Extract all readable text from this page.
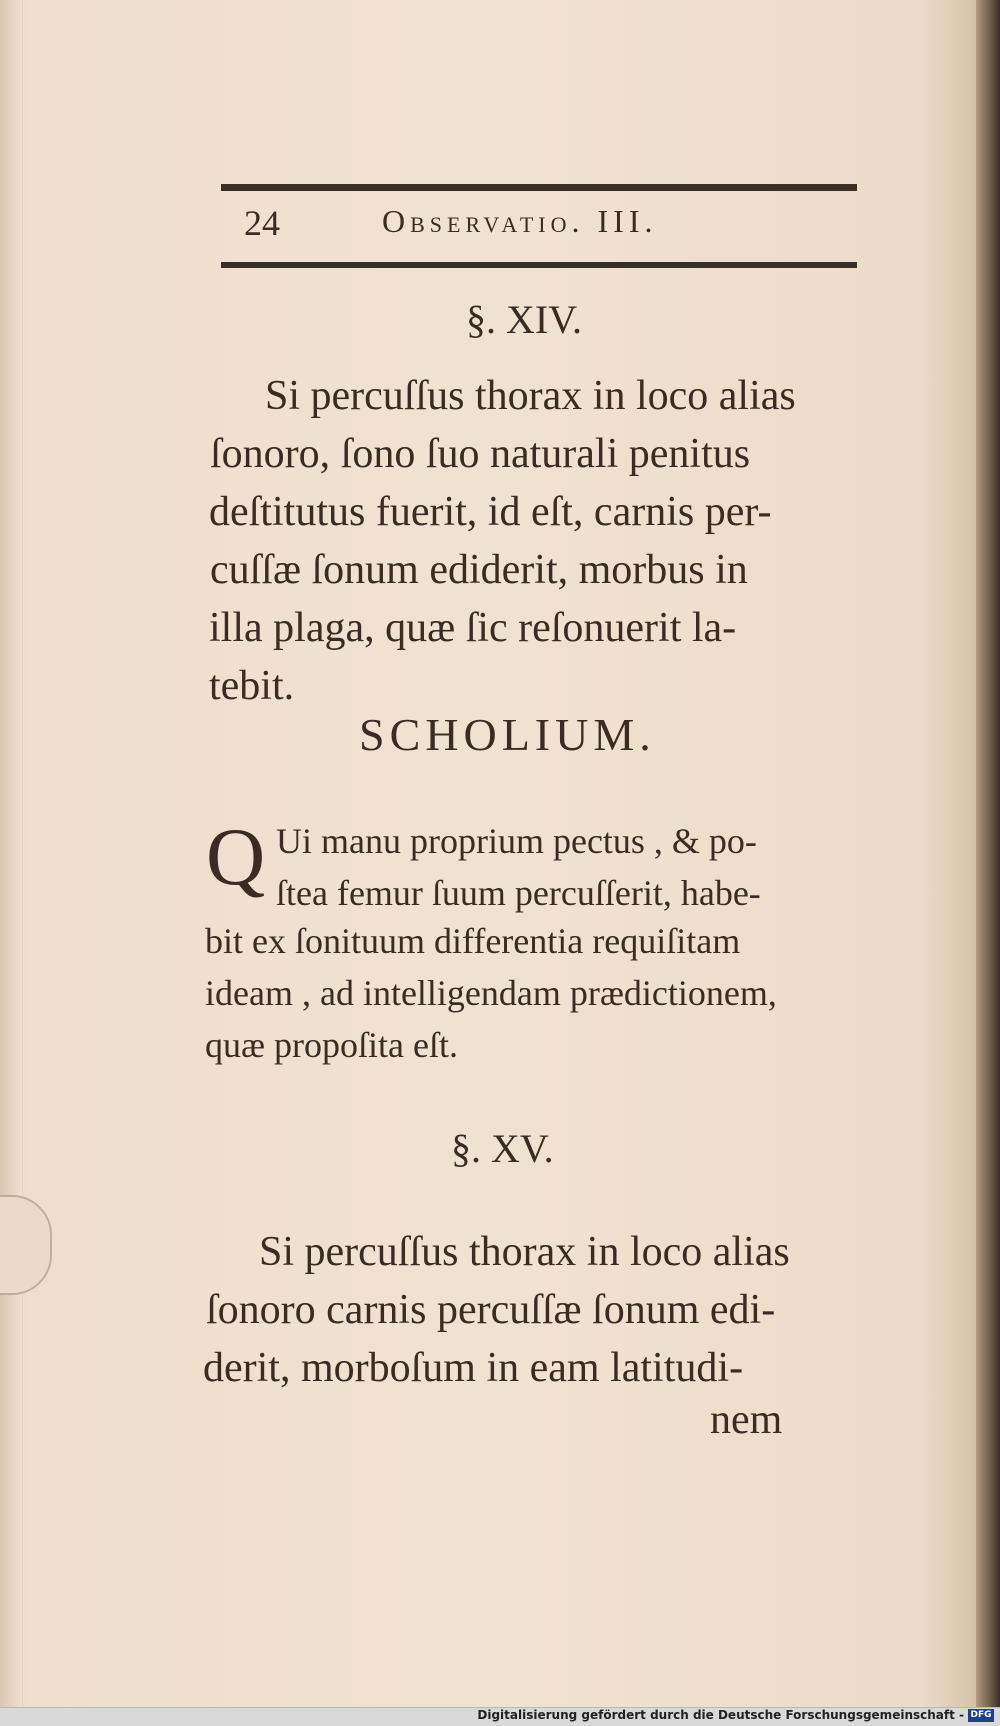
24	Observatio. III.
§. XIV.
Si percuſſus thorax in loco alias
ſonoro, ſono ſuo naturali penitus
deſtitutus fuerit, id eſt, carnis per-
cuſſæ ſonum ediderit, morbus in
illa plaga, quæ ſic reſonuerit la-
tebit.
SCHOLIUM.
Q Ui manu proprium pectus , & po-
ſtea femur ſuum percuſſerit, habe-
bit ex ſonituum differentia requiſitam
ideam , ad intelligendam prædictionem,
quæ propoſita eſt.
§. XV.
Si percuſſus thorax in loco alias
ſonoro carnis percuſſæ ſonum edi-
derit, morboſum in eam latitudi-
nem
Digitalisierung gefördert durch die Deutsche Forschungsgemeinschaft - DFG
